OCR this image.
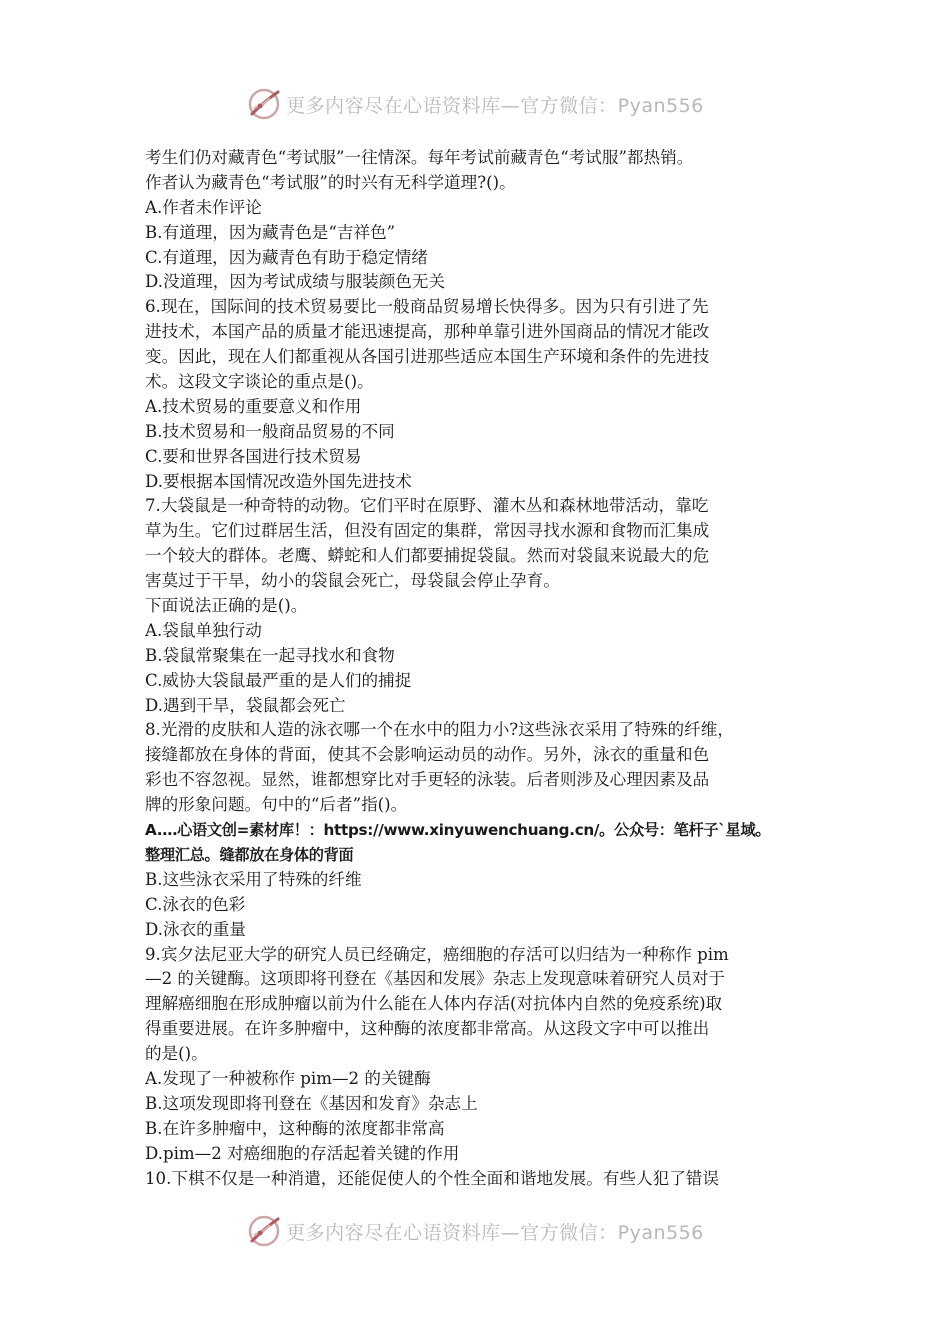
更多内容尽在心语资料库—官方微信：Pyan556
考生们仍对藏青色“考试服”一往情深。每年考试前藏青色“考试服”都热销。
作者认为藏青色“考试服”的时兴有无科学道理?()。
A.作者未作评论
B.有道理，因为藏青色是“吉祥色”
C.有道理，因为藏青色有助于稳定情绪
D.没道理，因为考试成绩与服装颜色无关
6.现在，国际间的技术贸易要比一般商品贸易增长快得多。因为只有引进了先
进技术，本国产品的质量才能迅速提高，那种单靠引进外国商品的情况才能改
变。因此，现在人们都重视从各国引进那些适应本国生产环境和条件的先进技
术。这段文字谈论的重点是()。
A.技术贸易的重要意义和作用
B.技术贸易和一般商品贸易的不同
C.要和世界各国进行技术贸易
D.要根据本国情况改造外国先进技术
7.大袋鼠是一种奇特的动物。它们平时在原野、灌木丛和森林地带活动，靠吃
草为生。它们过群居生活，但没有固定的集群，常因寻找水源和食物而汇集成
一个较大的群体。老鹰、蟒蛇和人们都要捕捉袋鼠。然而对袋鼠来说最大的危
害莫过于干旱，幼小的袋鼠会死亡，母袋鼠会停止孕育。
下面说法正确的是()。
A.袋鼠单独行动
B.袋鼠常聚集在一起寻找水和食物
C.威协大袋鼠最严重的是人们的捕捉
D.遇到干旱，袋鼠都会死亡
8.光滑的皮肤和人造的泳衣哪一个在水中的阻力小?这些泳衣采用了特殊的纤维，
接缝都放在身体的背面，使其不会影响运动员的动作。另外，泳衣的重量和色
彩也不容忽视。显然，谁都想穿比对手更轻的泳装。后者则涉及心理因素及品
牌的形象问题。句中的“后者”指()。
A.…心语文创=素材库！：https://www.xinyuwenchuang.cn/。公众号：笔杆子`星域。
整理汇总。缝都放在身体的背面
B.这些泳衣采用了特殊的纤维
C.泳衣的色彩
D.泳衣的重量
9.宾夕法尼亚大学的研究人员已经确定，癌细胞的存活可以归结为一种称作 pim
—2 的关键酶。这项即将刊登在《基因和发展》杂志上发现意味着研究人员对于
理解癌细胞在形成肿瘤以前为什么能在人体内存活(对抗体内自然的免疫系统)取
得重要进展。在许多肿瘤中，这种酶的浓度都非常高。从这段文字中可以推出
的是()。
A.发现了一种被称作 pim—2 的关键酶
B.这项发现即将刊登在《基因和发育》杂志上
B.在许多肿瘤中，这种酶的浓度都非常高
D.pim—2 对癌细胞的存活起着关键的作用
10.下棋不仅是一种消遣，还能促使人的个性全面和谐地发展。有些人犯了错误
更多内容尽在心语资料库—官方微信：Pyan556
